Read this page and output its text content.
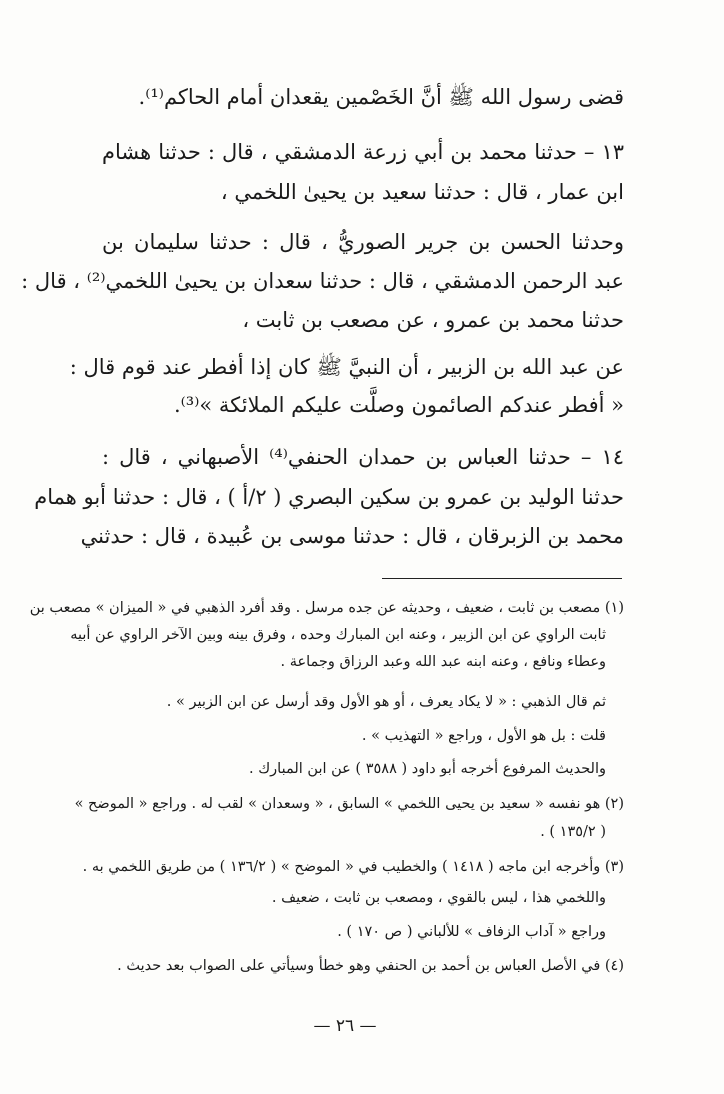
قضى رسول الله ﷺ أنَّ الخَصْمين يقعدان أمام الحاكم⁽¹⁾.
١٣ – حدثنا محمد بن أبي زرعة الدمشقي ، قال : حدثنا هشام
ابن عمار ، قال : حدثنا سعيد بن يحيىٰ اللخمي ،
وحدثنا الحسن بن جرير الصوريُّ ، قال : حدثنا سليمان بن
عبد الرحمن الدمشقي ، قال : حدثنا سعدان بن يحيىٰ اللخمي⁽²⁾ ، قال :
حدثنا محمد بن عمرو ، عن مصعب بن ثابت ،
عن عبد الله بن الزبير ، أن النبيَّ ﷺ كان إذا أفطر عند قوم قال :
« أفطر عندكم الصائمون وصلَّت عليكم الملائكة »⁽³⁾.
١٤ – حدثنا العباس بن حمدان الحنفي⁽⁴⁾ الأصبهاني ، قال :
حدثنا الوليد بن عمرو بن سكين البصري ( ٢/أ ) ، قال : حدثنا أبو همام
محمد بن الزبرقان ، قال : حدثنا موسى بن عُبيدة ، قال : حدثني
(١) مصعب بن ثابت ، ضعيف ، وحديثه عن جده مرسل . وقد أفرد الذهبي في « الميزان » مصعب بن
ثابت الراوي عن ابن الزبير ، وعنه ابن المبارك وحده ، وفرق بينه وبين الآخر الراوي عن أبيه
وعطاء ونافع ، وعنه ابنه عبد الله وعبد الرزاق وجماعة .
ثم قال الذهبي : « لا يكاد يعرف ، أو هو الأول وقد أرسل عن ابن الزبير » .
قلت : بل هو الأول ، وراجع « التهذيب » .
والحديث المرفوع أخرجه أبو داود ( ٣٥٨٨ ) عن ابن المبارك .
(٢) هو نفسه « سعيد بن يحيى اللخمي » السابق ، « وسعدان » لقب له . وراجع « الموضح »
( ١٣٥/٢ ) .
(٣) وأخرجه ابن ماجه ( ١٤١٨ ) والخطيب في « الموضح » ( ١٣٦/٢ ) من طريق اللخمي به .
واللخمي هذا ، ليس بالقوي ، ومصعب بن ثابت ، ضعيف .
وراجع « آداب الزفاف » للألباني ( ص ١٧٠ ) .
(٤) في الأصل العباس بن أحمد بن الحنفي وهو خطأ وسيأتي على الصواب بعد حديث .
— ٢٦ —
